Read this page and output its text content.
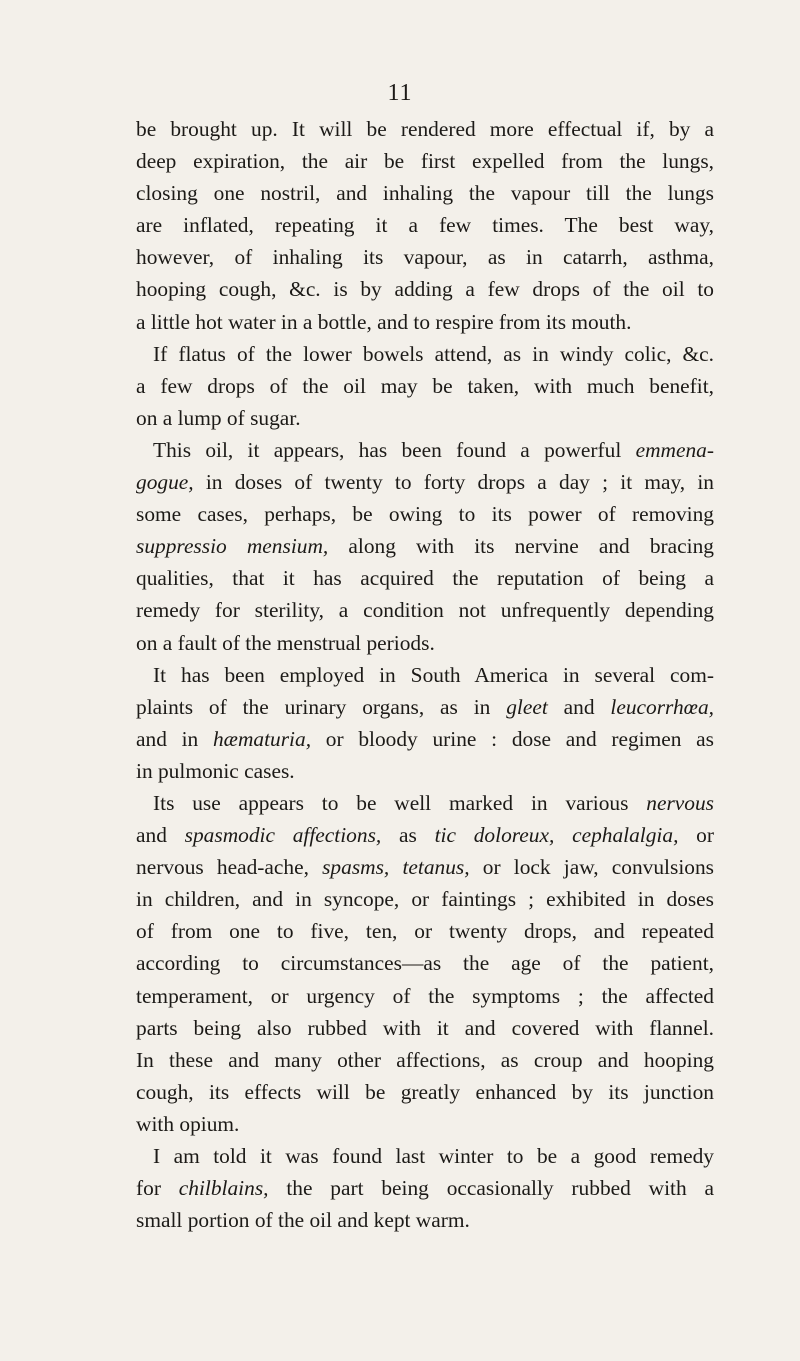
11
be brought up. It will be rendered more effectual if, by a
deep expiration, the air be first expelled from the lungs,
closing one nostril, and inhaling the vapour till the lungs
are inflated, repeating it a few times. The best way,
however, of inhaling its vapour, as in catarrh, asthma,
hooping cough, &c. is by adding a few drops of the oil to
a little hot water in a bottle, and to respire from its mouth.
If flatus of the lower bowels attend, as in windy colic, &c.
a few drops of the oil may be taken, with much benefit,
on a lump of sugar.
This oil, it appears, has been found a powerful emmena-
gogue, in doses of twenty to forty drops a day ; it may, in
some cases, perhaps, be owing to its power of removing
suppressio mensium, along with its nervine and bracing
qualities, that it has acquired the reputation of being a
remedy for sterility, a condition not unfrequently depending
on a fault of the menstrual periods.
It has been employed in South America in several com-
plaints of the urinary organs, as in gleet and leucorrhœa,
and in hæmaturia, or bloody urine : dose and regimen as
in pulmonic cases.
Its use appears to be well marked in various nervous
and spasmodic affections, as tic doloreux, cephalalgia, or
nervous head-ache, spasms, tetanus, or lock jaw, convulsions
in children, and in syncope, or faintings ; exhibited in doses
of from one to five, ten, or twenty drops, and repeated
according to circumstances—as the age of the patient,
temperament, or urgency of the symptoms ; the affected
parts being also rubbed with it and covered with flannel.
In these and many other affections, as croup and hooping
cough, its effects will be greatly enhanced by its junction
with opium.
I am told it was found last winter to be a good remedy
for chilblains, the part being occasionally rubbed with a
small portion of the oil and kept warm.
